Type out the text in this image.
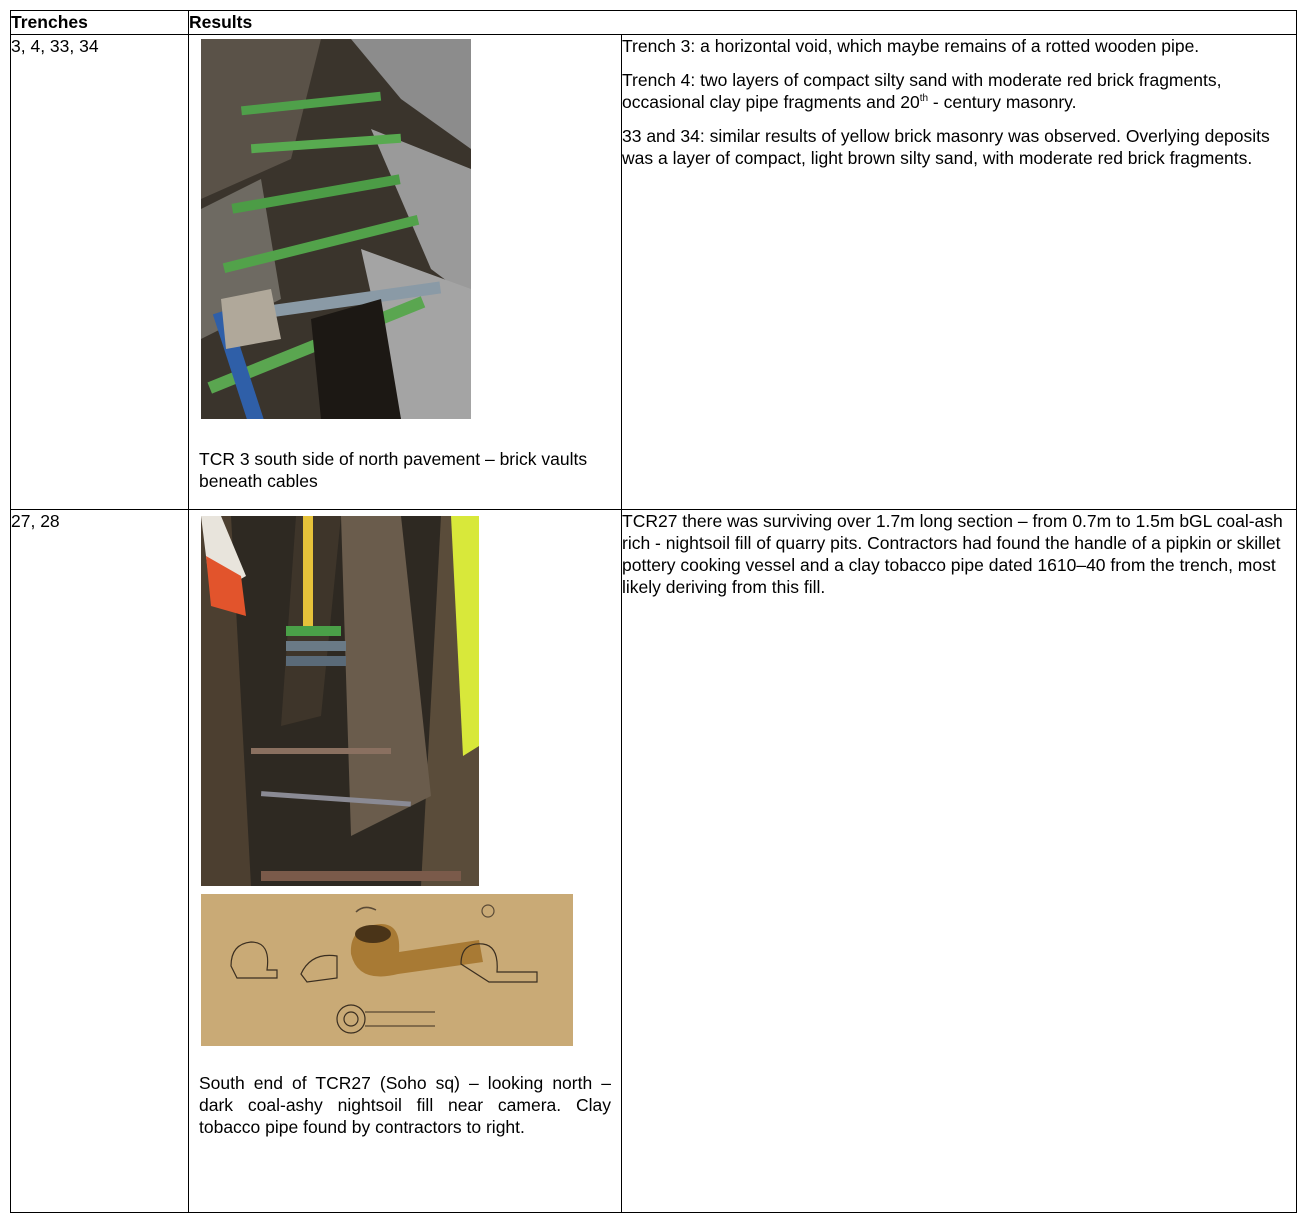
Trenches	Results	
3, 4, 33, 34	TCR 3 south side of north pavement – brick vaults beneath cables	Trench 3: a horizontal void, which maybe remains of a rotted wooden pipe.

Trench 4: two layers of compact silty sand with moderate red brick fragments, occasional clay pipe fragments and 20th - century masonry.

33 and 34: similar results of yellow brick masonry was observed. Overlying deposits was a layer of compact, light brown silty sand, with moderate red brick fragments.

27, 28	South end of TCR27 (Soho sq) – looking north – dark coal-ashy nightsoil fill near camera. Clay tobacco pipe found by contractors to right.	TCR27 there was surviving over 1.7m long section – from 0.7m to 1.5m bGL coal-ash rich - nightsoil fill of quarry pits. Contractors had found the handle of a pipkin or skillet pottery cooking vessel and a clay tobacco pipe dated 1610–40 from the trench, most likely deriving from this fill.
